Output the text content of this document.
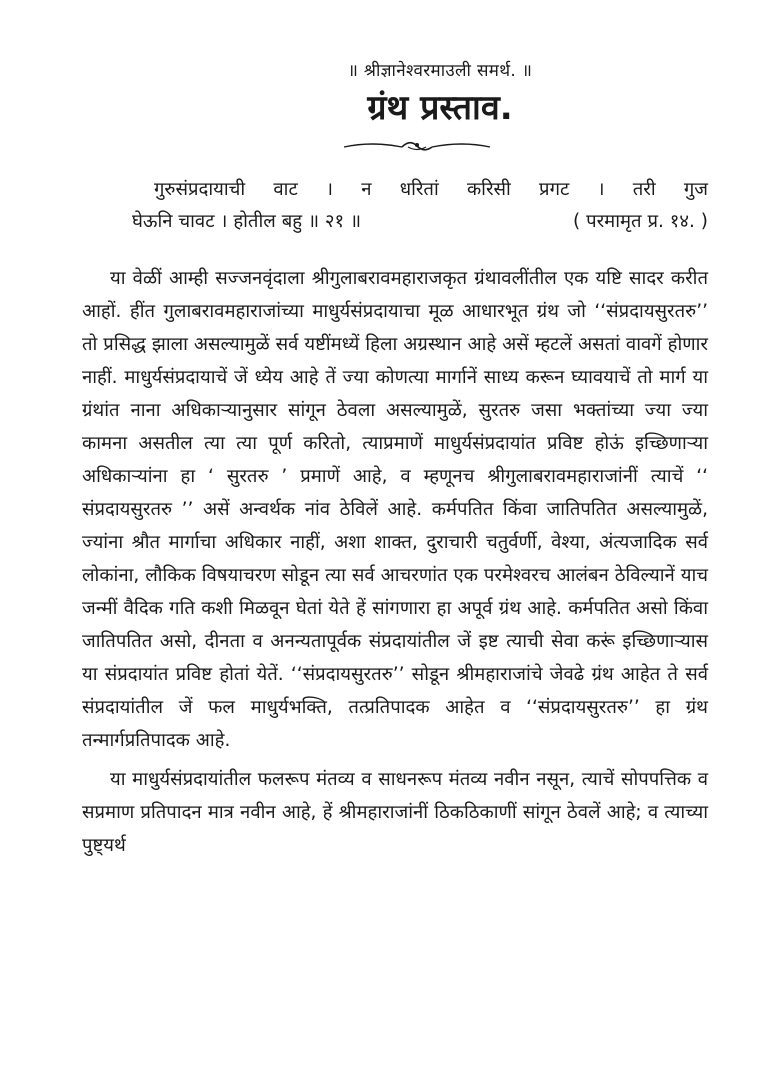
॥ श्रीज्ञानेश्वरमाउली समर्थ. ॥
ग्रंथ प्रस्ताव.
गुरुसंप्रदायाची वाट । न धरितां करिसी प्रगट । तरी गुज
घेऊनि चावट । होतील बहु ॥ २१ ॥	( परमामृत प्र. १४. )

या वेळीं आम्ही सज्जनवृंदाला श्रीगुलाबरावमहाराजकृत ग्रंथावलींतील एक यष्टि सादर करीत आहों. हींत गुलाबरावमहाराजांच्या माधुर्यसंप्रदायाचा मूळ आधारभूत ग्रंथ जो ‘‘संप्रदायसुरतरु’’ तो प्रसिद्ध झाला असल्यामुळें सर्व यष्टींमध्यें हिला अग्रस्थान आहे असें म्हटलें असतां वावगें होणार नाहीं. माधुर्यसंप्रदायाचें जें ध्येय आहे तें ज्या कोणत्या मार्गानें साध्य करून घ्यावयाचें तो मार्ग या ग्रंथांत नाना अधिकाऱ्यानुसार सांगून ठेवला असल्यामुळें, सुरतरु जसा भक्तांच्या ज्या ज्या कामना असतील त्या त्या पूर्ण करितो, त्याप्रमाणें माधुर्यसंप्रदायांत प्रविष्ट होऊं इच्छिणाऱ्या अधिकाऱ्यांना हा ‘ सुरतरु ’ प्रमाणें आहे, व म्हणूनच श्रीगुलाबरावमहाराजांनीं त्याचें ‘‘ संप्रदायसुरतरु ’’ असें अन्वर्थक नांव ठेविलें आहे. कर्मपतित किंवा जातिपतित असल्यामुळें, ज्यांना श्रौत मार्गाचा अधिकार नाहीं, अशा शाक्त, दुराचारी चतुर्वर्णी, वेश्या, अंत्यजादिक सर्व लोकांना, लौकिक विषयाचरण सोडून त्या सर्व आचरणांत एक परमेश्वरच आलंबन ठेविल्यानें याच जन्मीं वैदिक गति कशी मिळवून घेतां येते हें सांगणारा हा अपूर्व ग्रंथ आहे. कर्मपतित असो किंवा जातिपतित असो, दीनता व अनन्यतापूर्वक संप्रदायांतील जें इष्ट त्याची सेवा करूं इच्छिणाऱ्यास या संप्रदायांत प्रविष्ट होतां येतें. ‘‘संप्रदायसुरतरु’’ सोडून श्रीमहाराजांचे जेवढे ग्रंथ आहेत ते सर्व संप्रदायांतील जें फल माधुर्यभक्ति, तत्प्रतिपादक आहेत व ‘‘संप्रदायसुरतरु’’ हा ग्रंथ तन्मार्गप्रतिपादक आहे.

या माधुर्यसंप्रदायांतील फलरूप मंतव्य व साधनरूप मंतव्य नवीन नसून, त्याचें सोपपत्तिक व सप्रमाण प्रतिपादन मात्र नवीन आहे, हें श्रीमहाराजांनीं ठिकठिकाणीं सांगून ठेवलें आहे; व त्याच्या पुष्ट्यर्थ
